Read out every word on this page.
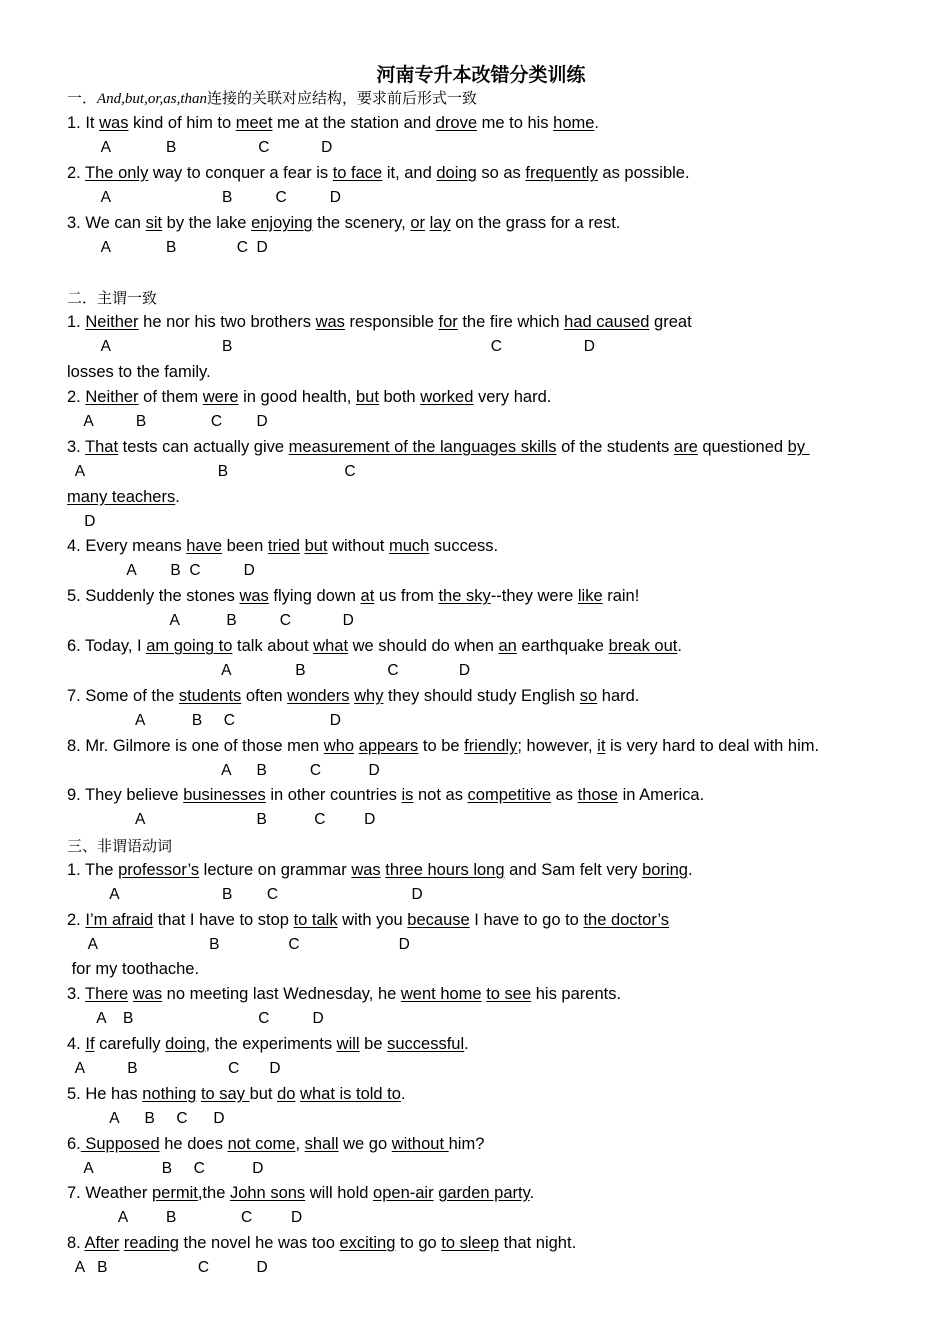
河南专升本改错分类训练
一．And,but,or,as,than连接的关联对应结构，要求前后形式一致
二．主谓一致
三、非谓语动词
1. It was kind of him to meet me at the station and drove me to his home.
A             B                   C            D
2. The only way to conquer a fear is to face it, and doing so as frequently as possible.
A                          B          C          D
3. We can sit by the lake enjoying the scenery, or lay on the grass for a rest.
A             B              C  D
1. Neither he nor his two brothers was responsible for the fire which had caused great
A                          B                                                            C                   D
losses to the family.
2. Neither of them were in good health, but both worked very hard.
A          B               C        D
3. That tests can actually give measurement of the languages skills of the students are questioned by
A                               B                           C
many teachers.
D
4. Every means have been tried but without much success.
A        B  C          D
5. Suddenly the stones was flying down at us from the sky--they were like rain!
A           B          C            D
6. Today, I am going to talk about what we should do when an earthquake break out.
A               B                   C              D
7. Some of the students often wonders why they should study English so hard.
A           B     C                      D
8. Mr. Gilmore is one of those men who appears to be friendly; however, it is very hard to deal with him.
A      B          C           D
9. They believe businesses in other countries is not as competitive as those in America.
A                          B           C         D
1. The professor’s lecture on grammar was three hours long and Sam felt very boring.
A                        B        C                               D
2. I’m afraid that I have to stop to talk with you because I have to go to the doctor’s
A                          B                C                       D
for my toothache.
3. There was no meeting last Wednesday, he went home to see his parents.
A    B                             C          D
4. If carefully doing, the experiments will be successful.
A          B                     C       D
5. He has nothing to say but do what is told to.
A      B     C      D
6. Supposed he does not come, shall we go without him?
A                B     C           D
7. Weather permit,the John sons will hold open-air garden party.
A         B               C         D
8. After reading the novel he was too exciting to go to sleep that night.
A   B                     C           D
